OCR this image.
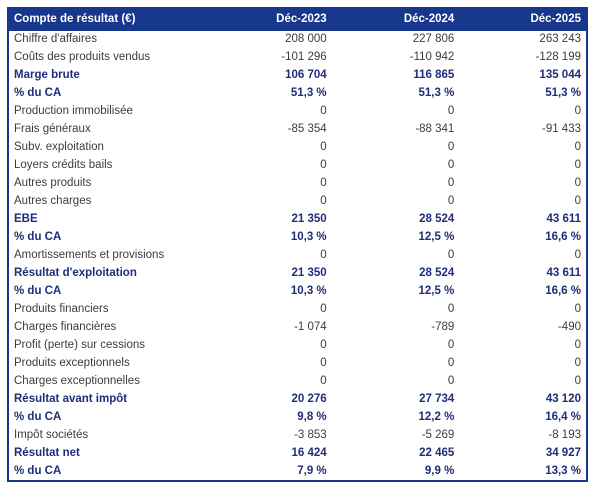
Compte de résultat (€)	Déc-2023	Déc-2024	Déc-2025
Chiffre d'affaires	208 000	227 806	263 243
Coûts des produits vendus	-101 296	-110 942	-128 199
Marge brute	106 704	116 865	135 044
% du CA	51,3 %	51,3 %	51,3 %
Production immobilisée	0	0	0
Frais généraux	-85 354	-88 341	-91 433
Subv. exploitation	0	0	0
Loyers crédits bails	0	0	0
Autres produits	0	0	0
Autres charges	0	0	0
EBE	21 350	28 524	43 611
% du CA	10,3 %	12,5 %	16,6 %
Amortissements et provisions	0	0	0
Résultat d'exploitation	21 350	28 524	43 611
% du CA	10,3 %	12,5 %	16,6 %
Produits financiers	0	0	0
Charges financières	-1 074	-789	-490
Profit (perte) sur cessions	0	0	0
Produits exceptionnels	0	0	0
Charges exceptionnelles	0	0	0
Résultat avant impôt	20 276	27 734	43 120
% du CA	9,8 %	12,2 %	16,4 %
Impôt sociétés	-3 853	-5 269	-8 193
Résultat net	16 424	22 465	34 927
% du CA	7,9 %	9,9 %	13,3 %
